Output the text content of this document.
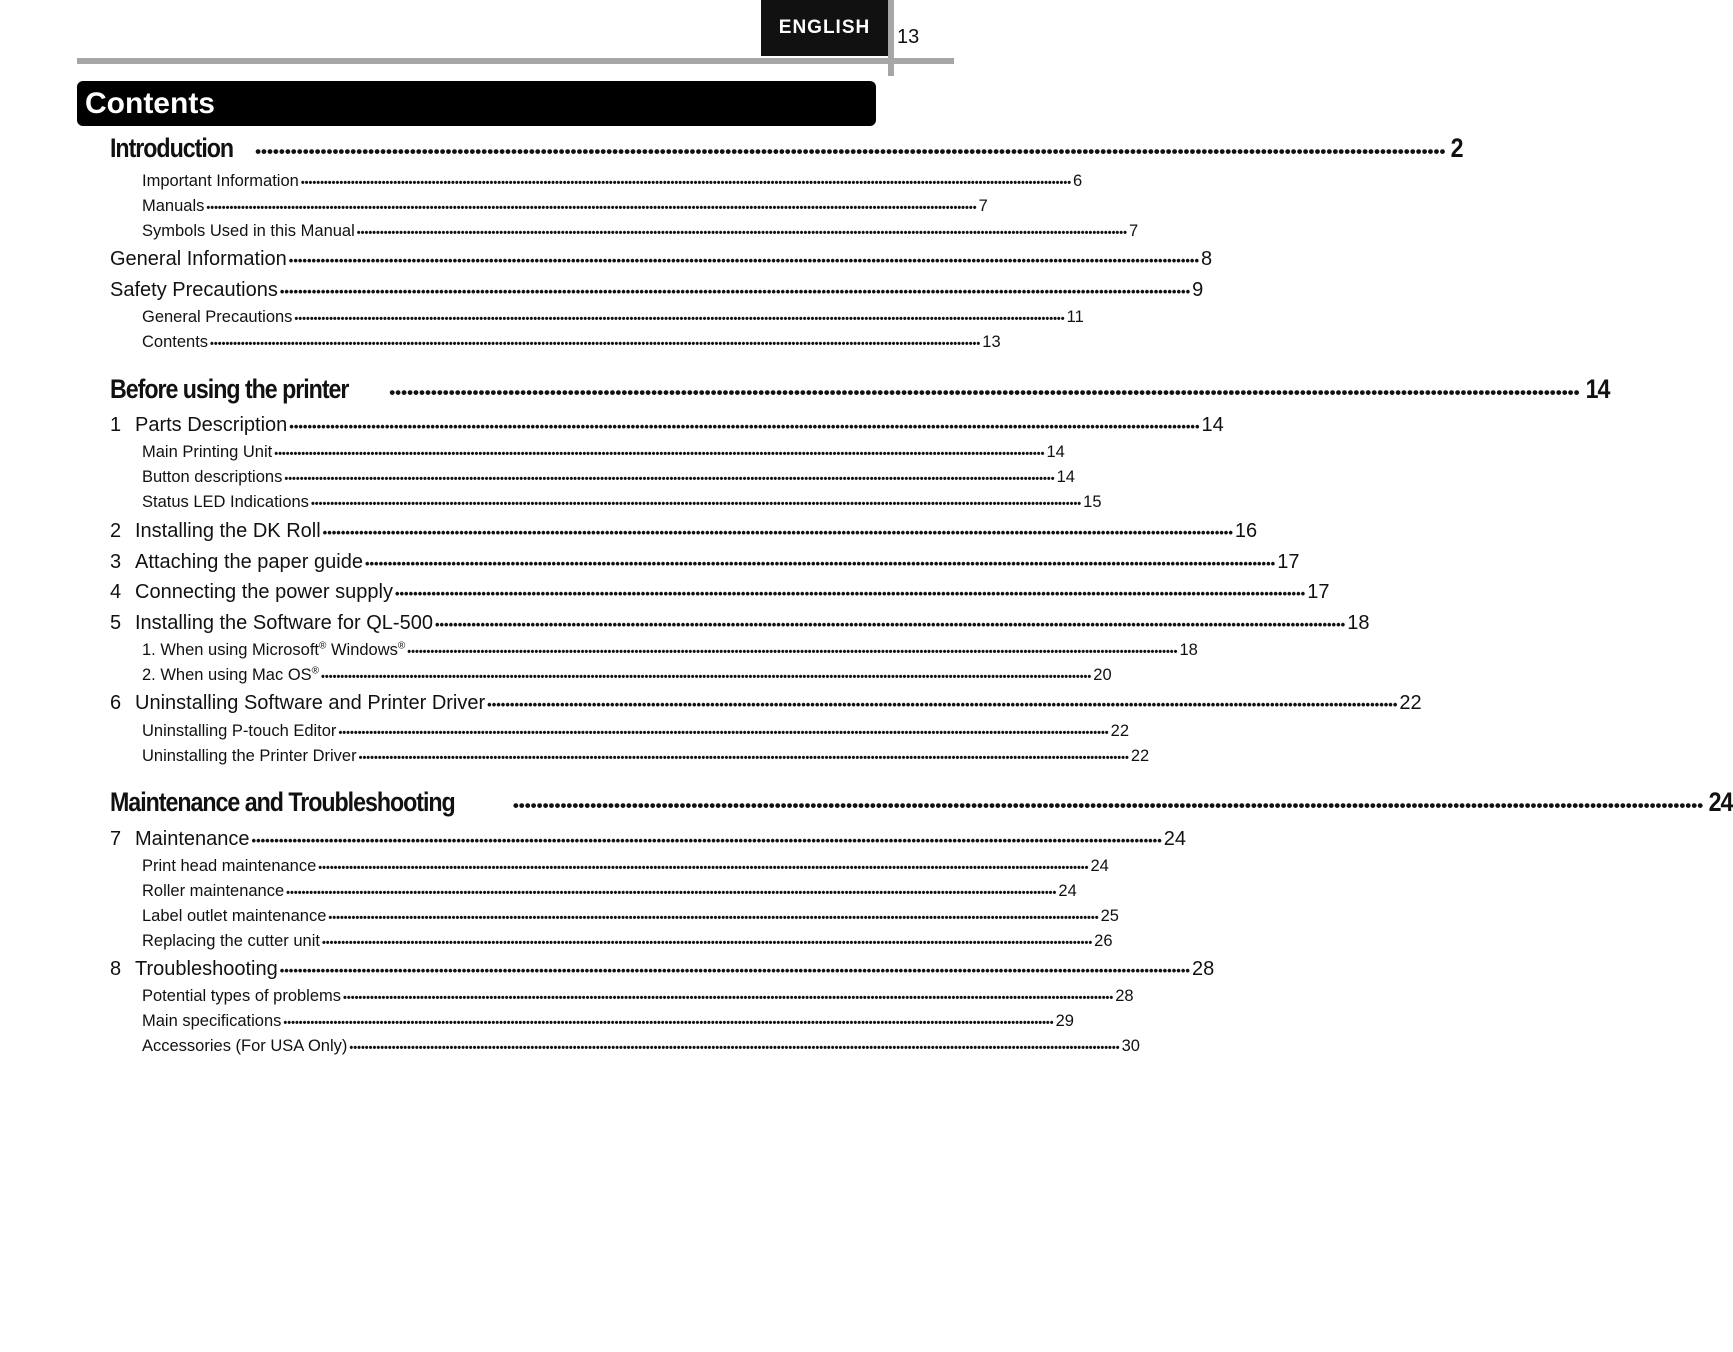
ENGLISH	13
Contents
Introduction •••••••••••••••••••••••••••••••••••••••••••••••••••••••••••••••••••••••••••••••••••••••••••••••••••••••••••••••••••••••••••••••••••••••••••••••••••••••••••••••••••••••••••••••••••••••••••••••••••••••• 2
Important Information •••••••••••••••••••••••••••••••••••••••••••••••••••••••••••••••••••••••••••••••••••••••••••••••••••••••••••••••••••••••••••••••••••••••••••••••••••••••••••••••••••••••••••••••••••••••••••••••••••••••• 6
Manuals •••••••••••••••••••••••••••••••••••••••••••••••••••••••••••••••••••••••••••••••••••••••••••••••••••••••••••••••••••••••••••••••••••••••••••••••••••••••••••••••••••••••••••••••••••••••••••••••••••••••• 7
Symbols Used in this Manual •••••••••••••••••••••••••••••••••••••••••••••••••••••••••••••••••••••••••••••••••••••••••••••••••••••••••••••••••••••••••••••••••••••••••••••••••••••••••••••••••••••••••••••••••••••••••••••••••••••••• 7
General Information •••••••••••••••••••••••••••••••••••••••••••••••••••••••••••••••••••••••••••••••••••••••••••••••••••••••••••••••••••••••••••••••••••••••••••••••••••••••••••••••••••••••••••••••••••••••••••••••••••••••• 8
Safety Precautions •••••••••••••••••••••••••••••••••••••••••••••••••••••••••••••••••••••••••••••••••••••••••••••••••••••••••••••••••••••••••••••••••••••••••••••••••••••••••••••••••••••••••••••••••••••••••••••••••••••••• 9
General Precautions •••••••••••••••••••••••••••••••••••••••••••••••••••••••••••••••••••••••••••••••••••••••••••••••••••••••••••••••••••••••••••••••••••••••••••••••••••••••••••••••••••••••••••••••••••••••••••••••••••••••• 11
Contents •••••••••••••••••••••••••••••••••••••••••••••••••••••••••••••••••••••••••••••••••••••••••••••••••••••••••••••••••••••••••••••••••••••••••••••••••••••••••••••••••••••••••••••••••••••••••••••••••••••••• 13
Before using the printer •••••••••••••••••••••••••••••••••••••••••••••••••••••••••••••••••••••••••••••••••••••••••••••••••••••••••••••••••••••••••••••••••••••••••••••••••••••••••••••••••••••••••••••••••••••••••••••••••••••••• 14
1 Parts Description •••••••••••••••••••••••••••••••••••••••••••••••••••••••••••••••••••••••••••••••••••••••••••••••••••••••••••••••••••••••••••••••••••••••••••••••••••••••••••••••••••••••••••••••••••••••••••••••••••••••• 14
Main Printing Unit •••••••••••••••••••••••••••••••••••••••••••••••••••••••••••••••••••••••••••••••••••••••••••••••••••••••••••••••••••••••••••••••••••••••••••••••••••••••••••••••••••••••••••••••••••••••••••••••••••••••• 14
Button descriptions •••••••••••••••••••••••••••••••••••••••••••••••••••••••••••••••••••••••••••••••••••••••••••••••••••••••••••••••••••••••••••••••••••••••••••••••••••••••••••••••••••••••••••••••••••••••••••••••••••••••• 14
Status LED Indications •••••••••••••••••••••••••••••••••••••••••••••••••••••••••••••••••••••••••••••••••••••••••••••••••••••••••••••••••••••••••••••••••••••••••••••••••••••••••••••••••••••••••••••••••••••••••••••••••••••••• 15
2 Installing the DK Roll •••••••••••••••••••••••••••••••••••••••••••••••••••••••••••••••••••••••••••••••••••••••••••••••••••••••••••••••••••••••••••••••••••••••••••••••••••••••••••••••••••••••••••••••••••••••••••••••••••••••• 16
3 Attaching the paper guide •••••••••••••••••••••••••••••••••••••••••••••••••••••••••••••••••••••••••••••••••••••••••••••••••••••••••••••••••••••••••••••••••••••••••••••••••••••••••••••••••••••••••••••••••••••••••••••••••••••••• 17
4 Connecting the power supply •••••••••••••••••••••••••••••••••••••••••••••••••••••••••••••••••••••••••••••••••••••••••••••••••••••••••••••••••••••••••••••••••••••••••••••••••••••••••••••••••••••••••••••••••••••••••••••••••••••••• 17
5 Installing the Software for QL-500 •••••••••••••••••••••••••••••••••••••••••••••••••••••••••••••••••••••••••••••••••••••••••••••••••••••••••••••••••••••••••••••••••••••••••••••••••••••••••••••••••••••••••••••••••••••••••••••••••••••••• 18
1. When using Microsoft® Windows® •••••••••••••••••••••••••••••••••••••••••••••••••••••••••••••••••••••••••••••••••••••••••••••••••••••••••••••••••••••••••••••••••••••••••••••••••••••••••••••••••••••••••••••••••••••••••••••••••••••••• 18
2. When using Mac OS® •••••••••••••••••••••••••••••••••••••••••••••••••••••••••••••••••••••••••••••••••••••••••••••••••••••••••••••••••••••••••••••••••••••••••••••••••••••••••••••••••••••••••••••••••••••••••••••••••••••••• 20
6 Uninstalling Software and Printer Driver •••••••••••••••••••••••••••••••••••••••••••••••••••••••••••••••••••••••••••••••••••••••••••••••••••••••••••••••••••••••••••••••••••••••••••••••••••••••••••••••••••••••••••••••••••••••••••••••••••••••• 22
Uninstalling P-touch Editor •••••••••••••••••••••••••••••••••••••••••••••••••••••••••••••••••••••••••••••••••••••••••••••••••••••••••••••••••••••••••••••••••••••••••••••••••••••••••••••••••••••••••••••••••••••••••••••••••••••••• 22
Uninstalling the Printer Driver •••••••••••••••••••••••••••••••••••••••••••••••••••••••••••••••••••••••••••••••••••••••••••••••••••••••••••••••••••••••••••••••••••••••••••••••••••••••••••••••••••••••••••••••••••••••••••••••••••••••• 22
Maintenance and Troubleshooting	•••••••••••••••••••••••••••••••••••••••••••••••••••••••••••••••••••••••••••••••••••••••••••••••••••••••••••••••••••••••••••••••••••••••••••••••••••••••••••••••••••••••••••••••••••••••••••••••••••••••• 24
7 Maintenance •••••••••••••••••••••••••••••••••••••••••••••••••••••••••••••••••••••••••••••••••••••••••••••••••••••••••••••••••••••••••••••••••••••••••••••••••••••••••••••••••••••••••••••••••••••••••••••••••••••••• 24
Print head maintenance •••••••••••••••••••••••••••••••••••••••••••••••••••••••••••••••••••••••••••••••••••••••••••••••••••••••••••••••••••••••••••••••••••••••••••••••••••••••••••••••••••••••••••••••••••••••••••••••••••••••• 24
Roller maintenance •••••••••••••••••••••••••••••••••••••••••••••••••••••••••••••••••••••••••••••••••••••••••••••••••••••••••••••••••••••••••••••••••••••••••••••••••••••••••••••••••••••••••••••••••••••••••••••••••••••••• 24
Label outlet maintenance •••••••••••••••••••••••••••••••••••••••••••••••••••••••••••••••••••••••••••••••••••••••••••••••••••••••••••••••••••••••••••••••••••••••••••••••••••••••••••••••••••••••••••••••••••••••••••••••••••••••• 25
Replacing the cutter unit •••••••••••••••••••••••••••••••••••••••••••••••••••••••••••••••••••••••••••••••••••••••••••••••••••••••••••••••••••••••••••••••••••••••••••••••••••••••••••••••••••••••••••••••••••••••••••••••••••••••• 26
8 Troubleshooting •••••••••••••••••••••••••••••••••••••••••••••••••••••••••••••••••••••••••••••••••••••••••••••••••••••••••••••••••••••••••••••••••••••••••••••••••••••••••••••••••••••••••••••••••••••••••••••••••••••••• 28
Potential types of problems •••••••••••••••••••••••••••••••••••••••••••••••••••••••••••••••••••••••••••••••••••••••••••••••••••••••••••••••••••••••••••••••••••••••••••••••••••••••••••••••••••••••••••••••••••••••••••••••••••••••• 28
Main specifications •••••••••••••••••••••••••••••••••••••••••••••••••••••••••••••••••••••••••••••••••••••••••••••••••••••••••••••••••••••••••••••••••••••••••••••••••••••••••••••••••••••••••••••••••••••••••••••••••••••••• 29
Accessories (For USA Only) •••••••••••••••••••••••••••••••••••••••••••••••••••••••••••••••••••••••••••••••••••••••••••••••••••••••••••••••••••••••••••••••••••••••••••••••••••••••••••••••••••••••••••••••••••••••••••••••••••••••• 30
